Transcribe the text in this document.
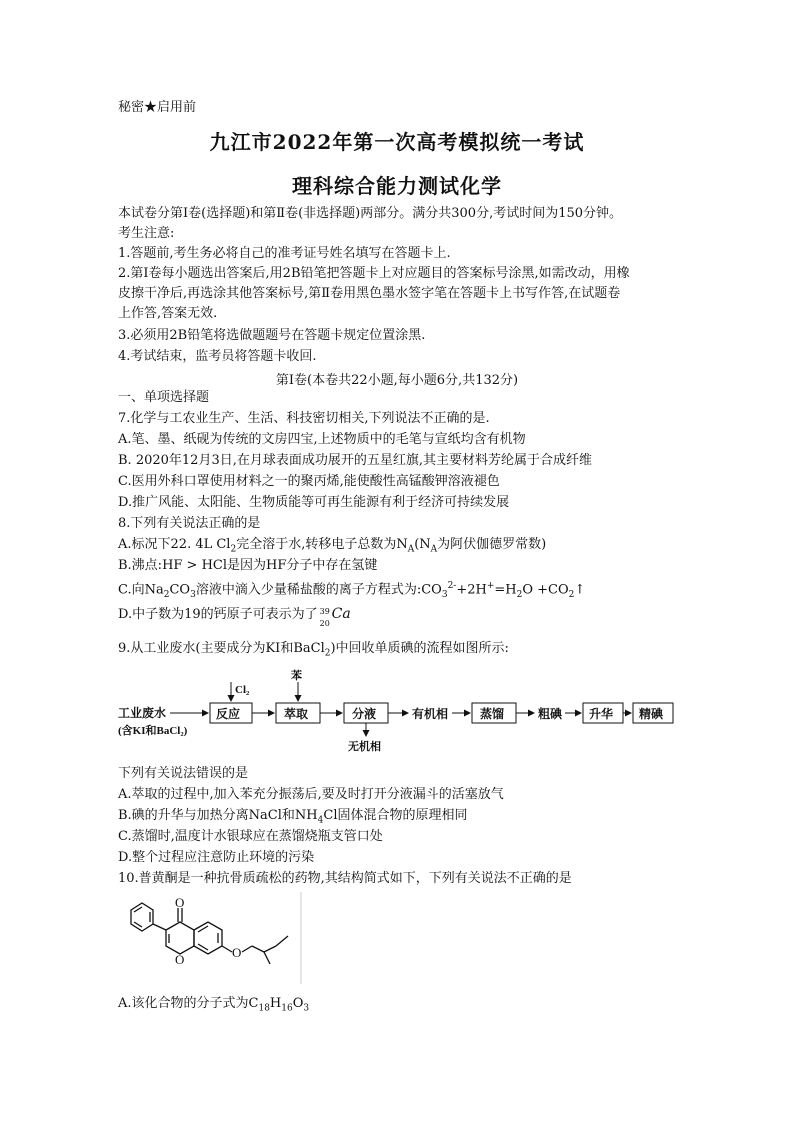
秘密★启用前
九江市2022年第一次高考模拟统一考试
理科综合能力测试化学
本试卷分第Ⅰ卷(选择题)和第Ⅱ卷(非选择题)两部分。满分共300分,考试时间为150分钟。
考生注意:
1.答题前,考生务必将自己的准考证号姓名填写在答题卡上.
2.第Ⅰ卷每小题选出答案后,用2B铅笔把答题卡上对应题目的答案标号涂黑,如需改动，用橡
皮擦干净后,再选涂其他答案标号,第Ⅱ卷用黑色墨水签字笔在答题卡上书写作答,在试题卷
上作答,答案无效.
3.必须用2B铅笔将选做题题号在答题卡规定位置涂黑.
4.考试结束，监考员将答题卡收回.
第Ⅰ卷(本卷共22小题,每小题6分,共132分)
一、单项选择题
7.化学与工农业生产、生活、科技密切相关,下列说法不正确的是.
A.笔、墨、纸砚为传统的文房四宝,上述物质中的毛笔与宣纸均含有机物
B. 2020年12月3日,在月球表面成功展开的五星红旗,其主要材料芳纶属于合成纤维
C.医用外科口罩使用材料之一的聚丙烯,能使酸性高锰酸钾溶液褪色
D.推广风能、太阳能、生物质能等可再生能源有利于经济可持续发展
8.下列有关说法正确的是
A.标况下22. 4L $Cl_2$完全溶于水,转移电子总数为$N_A(N_A$为阿伏伽德罗常数)
B.沸点:HF > HCl是因为HF分子中存在氢键
C.向$Na_2CO_3$溶液中滴入少量稀盐酸的离子方程式为$:CO_3^{2-}+2H^+=H_2O$ $+CO_2↑$
D.中子数为19的钙原子可表示为了 39
20
Ca
9.从工业废水(主要成分为KI和BaCl$_2$)中回收单质碘的流程如图所示:
工业废水
(含KI和BaCl₂)
反应
Cl₂
萃取
苯
分液
无机相
有机相	蒸馏	粗碘 升华 精碘
下列有关说法错误的是
A.萃取的过程中,加入苯充分振荡后,要及时打开分液漏斗的活塞放气
B.碘的升华与加热分离NaCl和$NH_4Cl$固体混合物的原理相同
C.蒸馏时,温度计水银球应在蒸馏烧瓶支管口处
D.整个过程应注意防止环境的污染
10.普黄酮是一种抗骨质疏松的药物,其结构简式如下，下列有关说法不正确的是
O
O	O
A.该化合物的分子式为$C_{18}H_{16}O_3$
